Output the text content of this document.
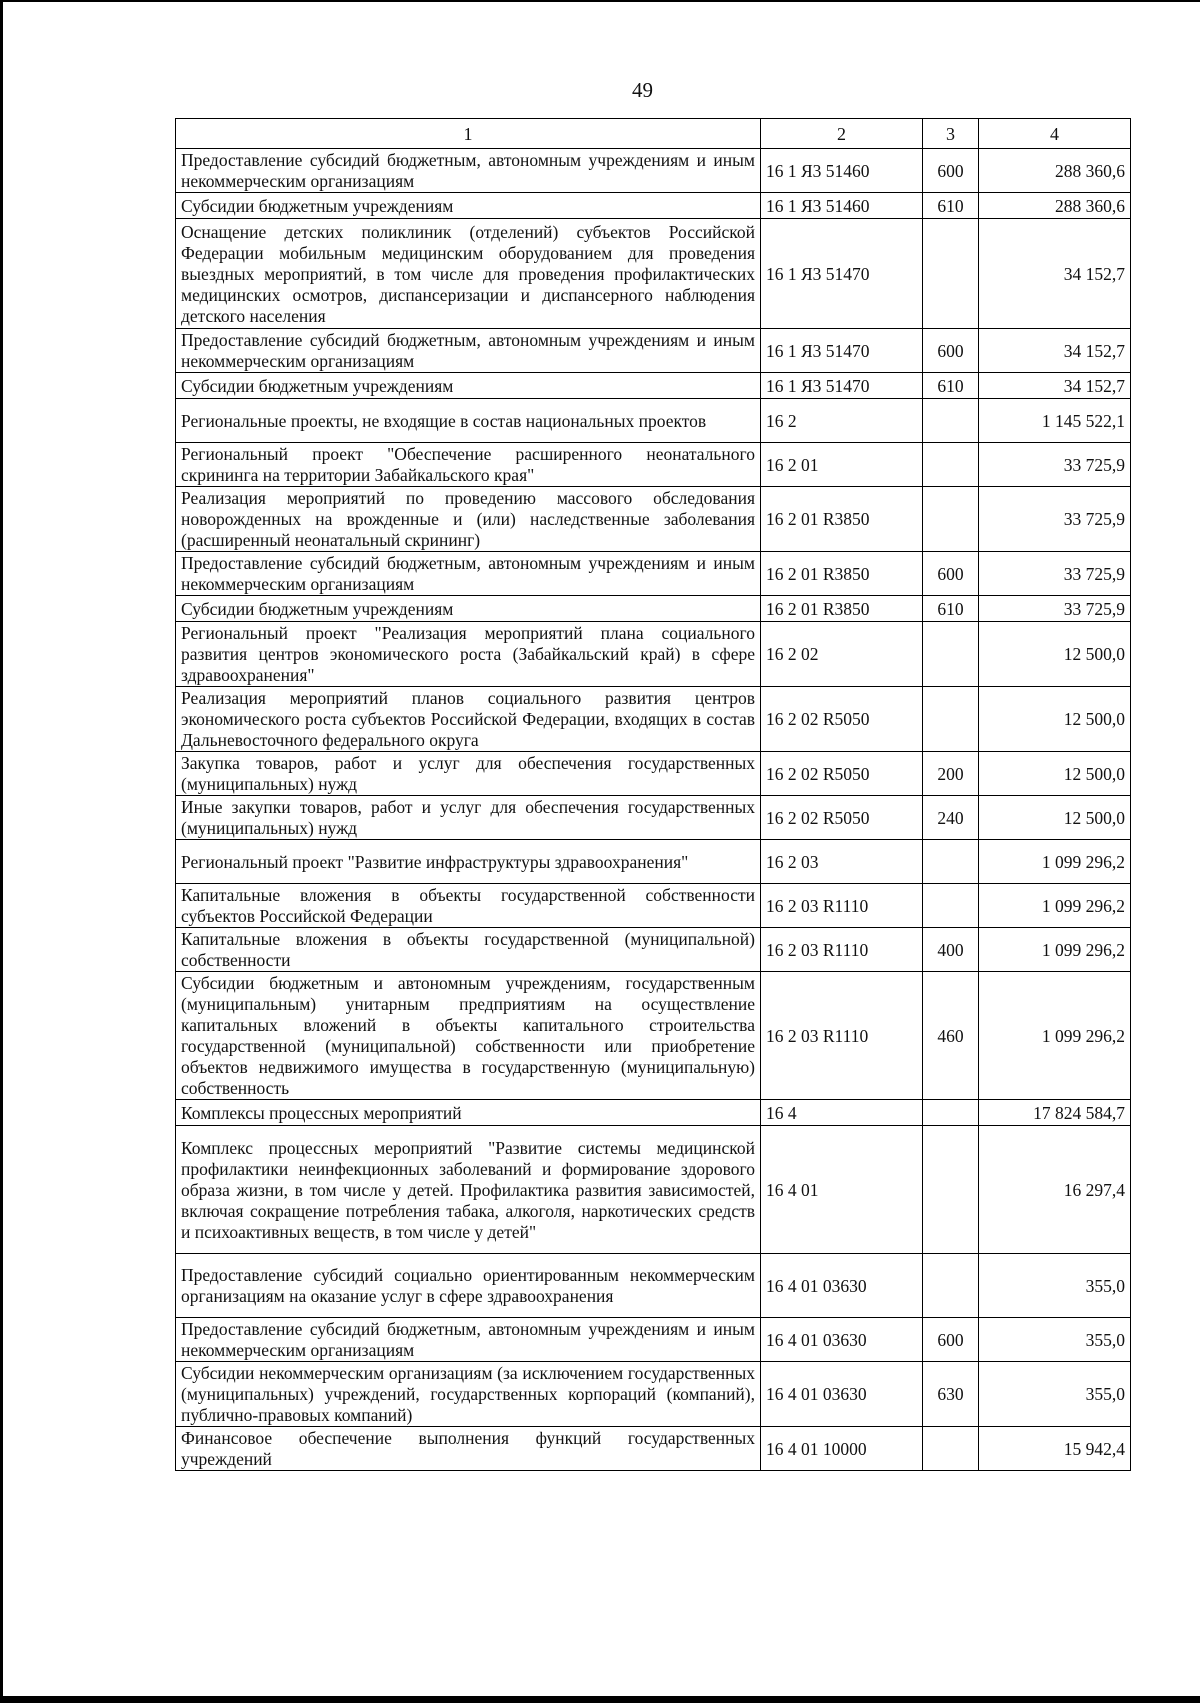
49
1	2	3	4
Предоставление субсидий бюджетным, автономным учреждениям и иным некоммерческим организациям	16 1 Я3 51460	600	288 360,6
Субсидии бюджетным учреждениям	16 1 Я3 51460	610	288 360,6
Оснащение детских поликлиник (отделений) субъектов Российской Федерации мобильным медицинским оборудованием для проведения выездных мероприятий, в том числе для проведения профилактических медицинских осмотров, диспансеризации и диспансерного наблюдения детского населения	16 1 Я3 51470		34 152,7
Предоставление субсидий бюджетным, автономным учреждениям и иным некоммерческим организациям	16 1 Я3 51470	600	34 152,7
Субсидии бюджетным учреждениям	16 1 Я3 51470	610	34 152,7
Региональные проекты, не входящие в состав национальных проектов	16 2		1 145 522,1
Региональный проект "Обеспечение расширенного неонатального скрининга на территории Забайкальского края"	16 2 01		33 725,9
Реализация мероприятий по проведению массового обследования новорожденных на врожденные и (или) наследственные заболевания (расширенный неонатальный скрининг)	16 2 01 R3850		33 725,9
Предоставление субсидий бюджетным, автономным учреждениям и иным некоммерческим организациям	16 2 01 R3850	600	33 725,9
Субсидии бюджетным учреждениям	16 2 01 R3850	610	33 725,9
Региональный проект "Реализация мероприятий плана социального развития центров экономического роста (Забайкальский край) в сфере здравоохранения"	16 2 02		12 500,0
Реализация мероприятий планов социального развития центров экономического роста субъектов Российской Федерации, входящих в состав Дальневосточного федерального округа	16 2 02 R5050		12 500,0
Закупка товаров, работ и услуг для обеспечения государственных (муниципальных) нужд	16 2 02 R5050	200	12 500,0
Иные закупки товаров, работ и услуг для обеспечения государственных (муниципальных) нужд	16 2 02 R5050	240	12 500,0
Региональный проект "Развитие инфраструктуры здравоохранения"	16 2 03		1 099 296,2
Капитальные вложения в объекты государственной собственности субъектов Российской Федерации	16 2 03 R1110		1 099 296,2
Капитальные вложения в объекты государственной (муниципальной) собственности	16 2 03 R1110	400	1 099 296,2
Субсидии бюджетным и автономным учреждениям, государственным (муниципальным) унитарным предприятиям на осуществление капитальных вложений в объекты капитального строительства государственной (муниципальной) собственности или приобретение объектов недвижимого имущества в государственную (муниципальную) собственность	16 2 03 R1110	460	1 099 296,2
Комплексы процессных мероприятий	16 4		17 824 584,7
Комплекс процессных мероприятий "Развитие системы медицинской профилактики неинфекционных заболеваний и формирование здорового образа жизни, в том числе у детей. Профилактика развития зависимостей, включая сокращение потребления табака, алкоголя, наркотических средств и психоактивных веществ, в том числе у детей"	16 4 01		16 297,4
Предоставление субсидий социально ориентированным некоммерческим организациям на оказание услуг в сфере здравоохранения	16 4 01 03630		355,0
Предоставление субсидий бюджетным, автономным учреждениям и иным некоммерческим организациям	16 4 01 03630	600	355,0
Субсидии некоммерческим организациям (за исключением государственных (муниципальных) учреждений, государственных корпораций (компаний), публично-правовых компаний)	16 4 01 03630	630	355,0
Финансовое обеспечение выполнения функций государственных учреждений	16 4 01 10000		15 942,4
